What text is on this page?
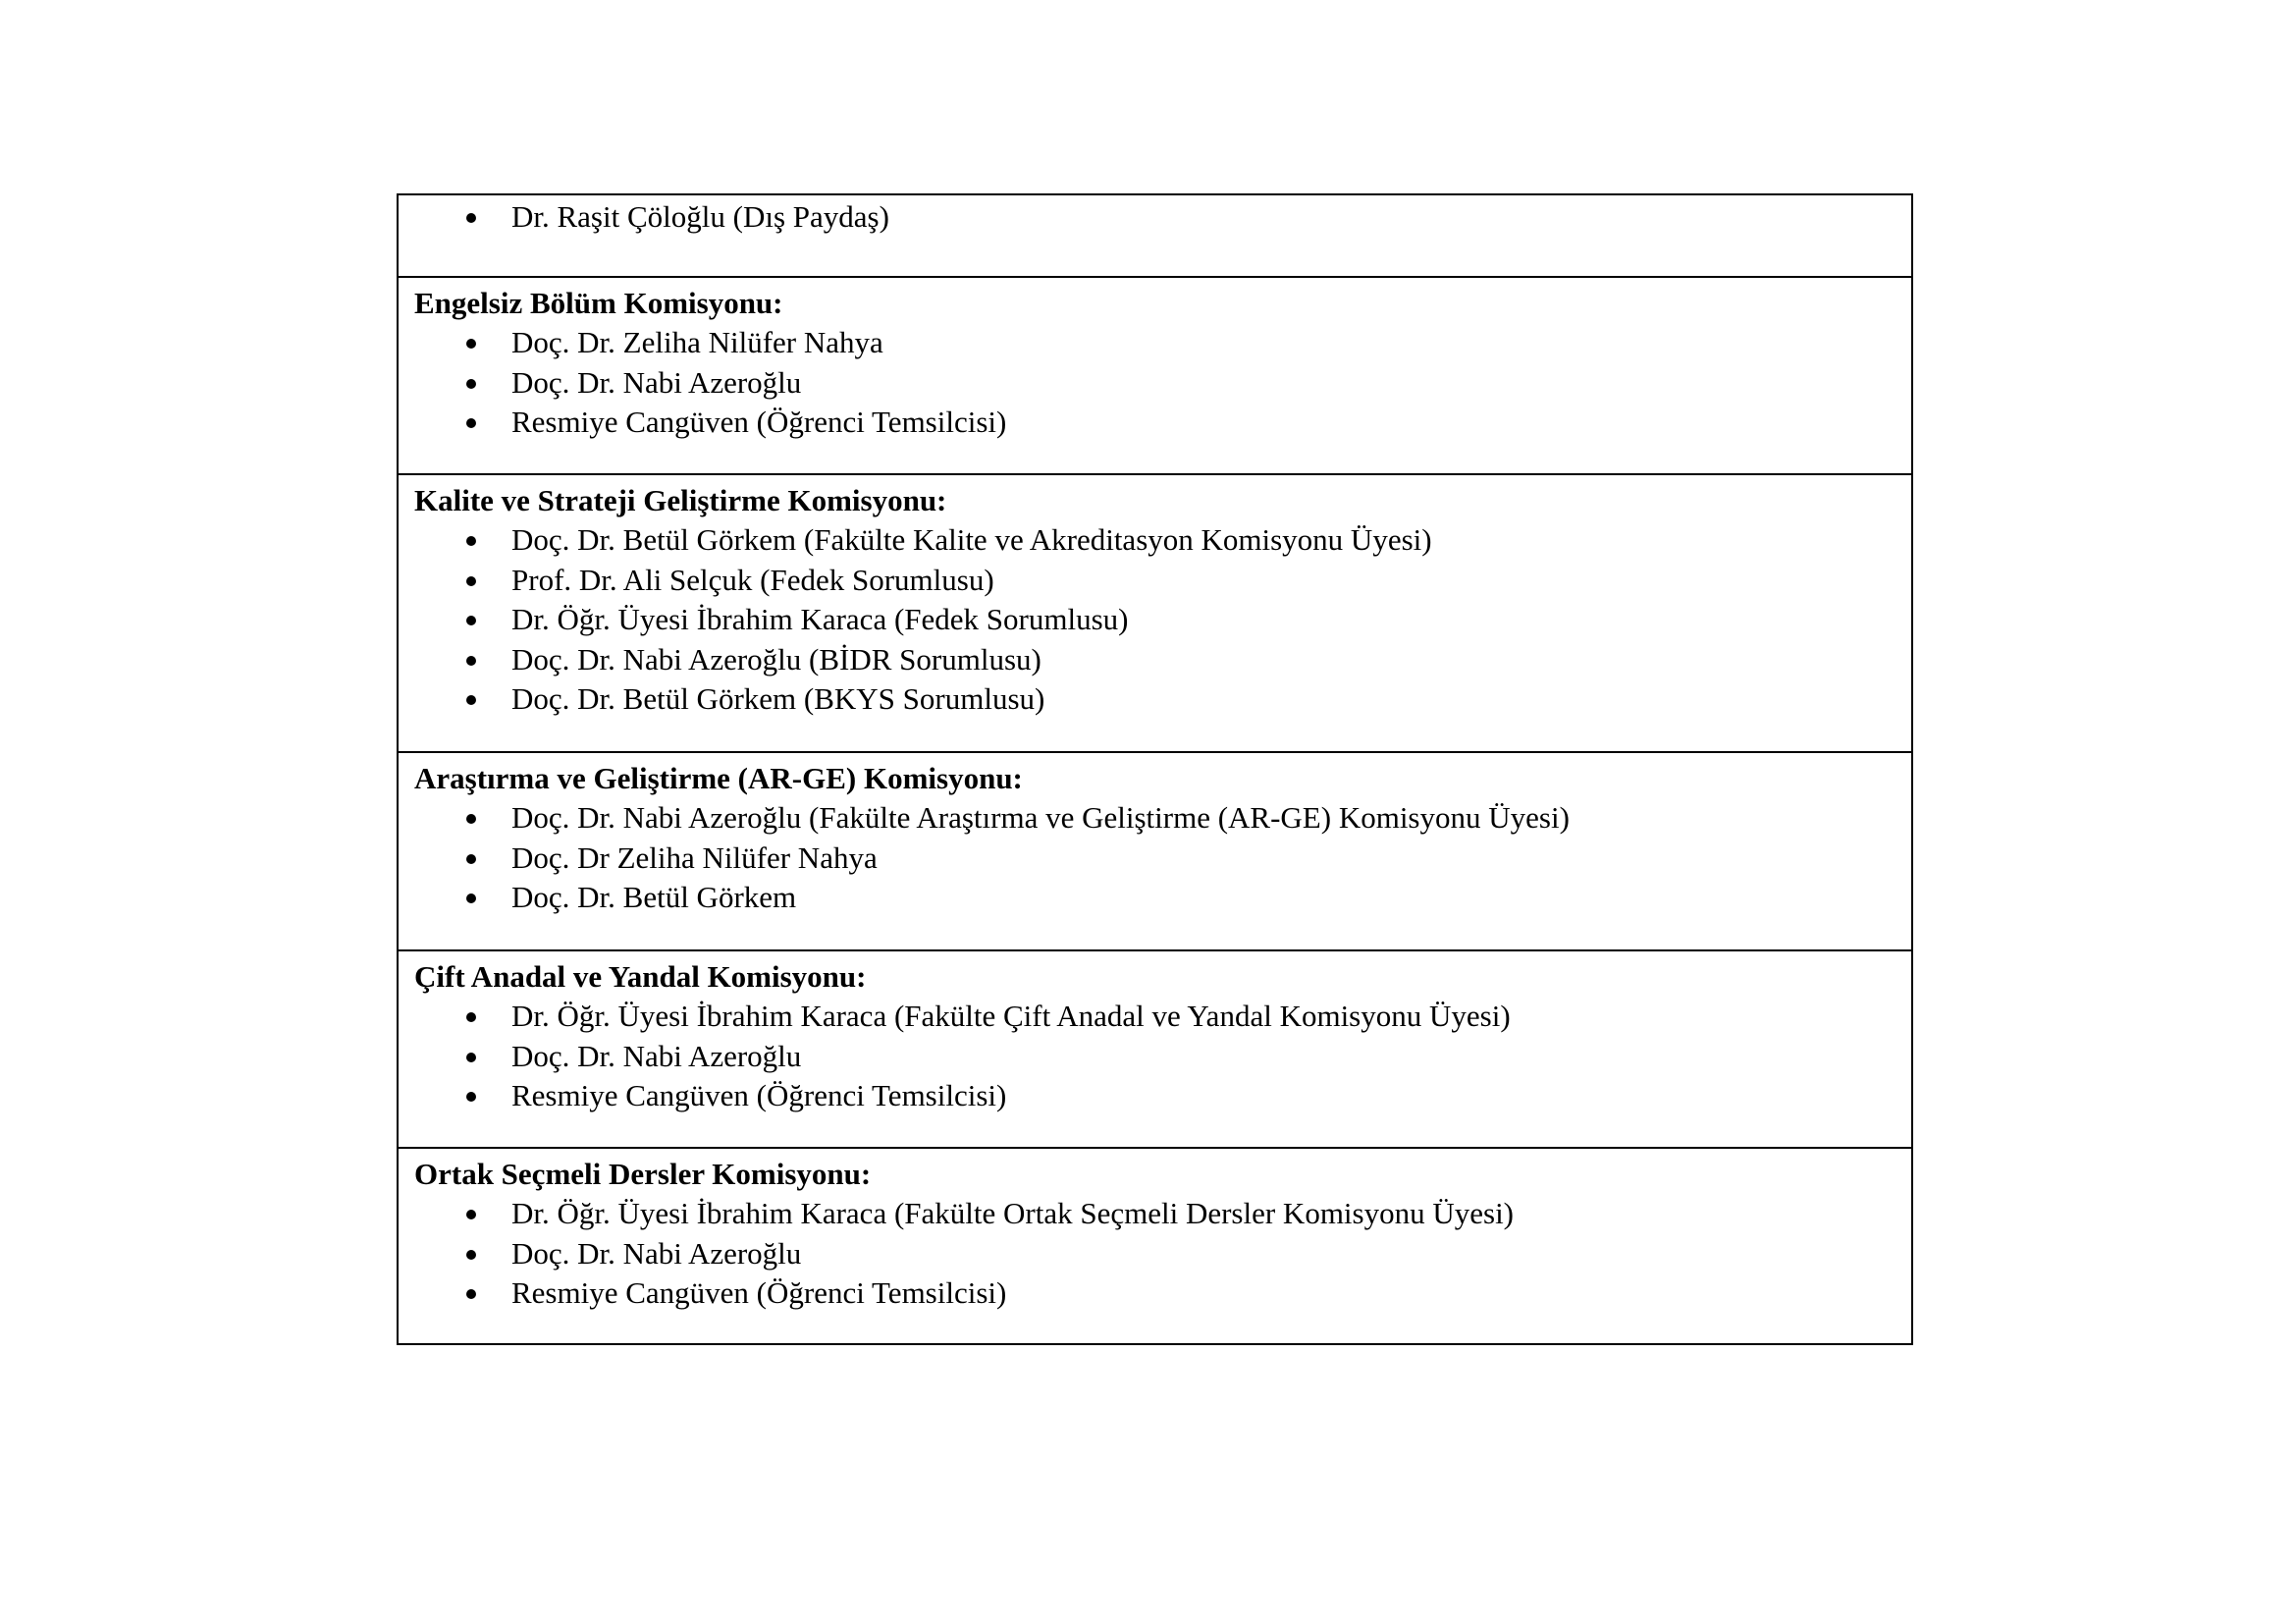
Dr. Raşit Çöloğlu (Dış Paydaş)
Engelsiz Bölüm Komisyonu:
Doç. Dr. Zeliha Nilüfer Nahya
Doç. Dr. Nabi Azeroğlu
Resmiye Cangüven (Öğrenci Temsilcisi)
Kalite ve Strateji Geliştirme Komisyonu:
Doç. Dr. Betül Görkem (Fakülte Kalite ve Akreditasyon Komisyonu Üyesi)
Prof. Dr. Ali Selçuk (Fedek Sorumlusu)
Dr. Öğr. Üyesi İbrahim Karaca (Fedek Sorumlusu)
Doç. Dr. Nabi Azeroğlu (BİDR Sorumlusu)
Doç. Dr. Betül Görkem (BKYS Sorumlusu)
Araştırma ve Geliştirme (AR-GE) Komisyonu:
Doç. Dr. Nabi Azeroğlu (Fakülte Araştırma ve Geliştirme (AR-GE) Komisyonu Üyesi)
Doç. Dr Zeliha Nilüfer Nahya
Doç. Dr. Betül Görkem
Çift Anadal ve Yandal Komisyonu:
Dr. Öğr. Üyesi İbrahim Karaca (Fakülte Çift Anadal ve Yandal Komisyonu Üyesi)
Doç. Dr. Nabi Azeroğlu
Resmiye Cangüven (Öğrenci Temsilcisi)
Ortak Seçmeli Dersler Komisyonu:
Dr. Öğr. Üyesi İbrahim Karaca (Fakülte Ortak Seçmeli Dersler Komisyonu Üyesi)
Doç. Dr. Nabi Azeroğlu
Resmiye Cangüven (Öğrenci Temsilcisi)
